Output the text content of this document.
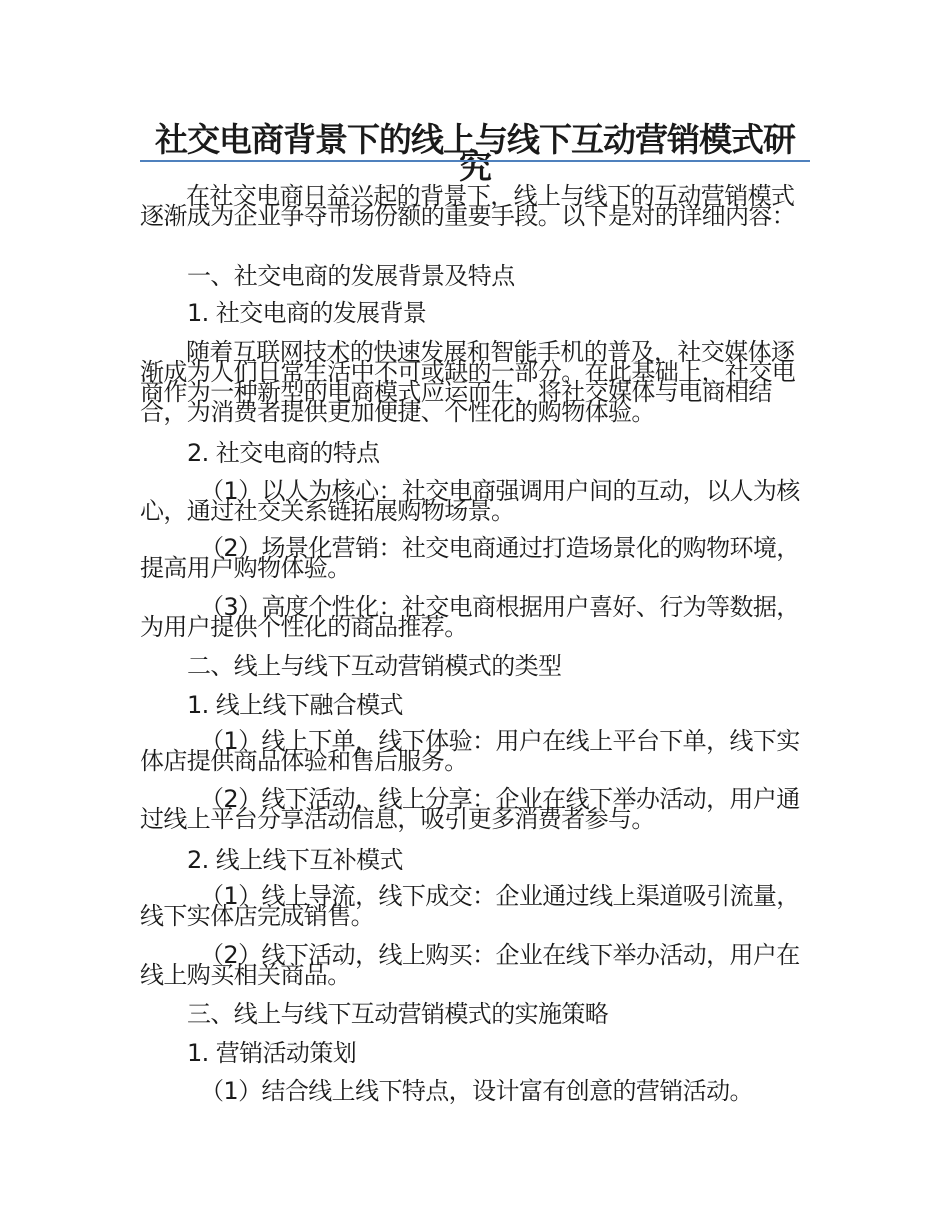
社交电商背景下的线上与线下互动营销模式研究

在社交电商日益兴起的背景下，线上与线下的互动营销模式逐渐成为企业争夺市场份额的重要手段。以下是对的详细内容：

一、社交电商的发展背景及特点

1. 社交电商的发展背景

随着互联网技术的快速发展和智能手机的普及，社交媒体逐渐成为人们日常生活中不可或缺的一部分。在此基础上，社交电商作为一种新型的电商模式应运而生，将社交媒体与电商相结合，为消费者提供更加便捷、个性化的购物体验。

2. 社交电商的特点

（1）以人为核心：社交电商强调用户间的互动，以人为核心，通过社交关系链拓展购物场景。

（2）场景化营销：社交电商通过打造场景化的购物环境，提高用户购物体验。

（3）高度个性化：社交电商根据用户喜好、行为等数据，为用户提供个性化的商品推荐。

二、线上与线下互动营销模式的类型

1. 线上线下融合模式

（1）线上下单，线下体验：用户在线上平台下单，线下实体店提供商品体验和售后服务。

（2）线下活动，线上分享：企业在线下举办活动，用户通过线上平台分享活动信息，吸引更多消费者参与。

2. 线上线下互补模式

（1）线上导流，线下成交：企业通过线上渠道吸引流量，线下实体店完成销售。

（2）线下活动，线上购买：企业在线下举办活动，用户在线上购买相关商品。

三、线上与线下互动营销模式的实施策略

1. 营销活动策划

（1）结合线上线下特点，设计富有创意的营销活动。
